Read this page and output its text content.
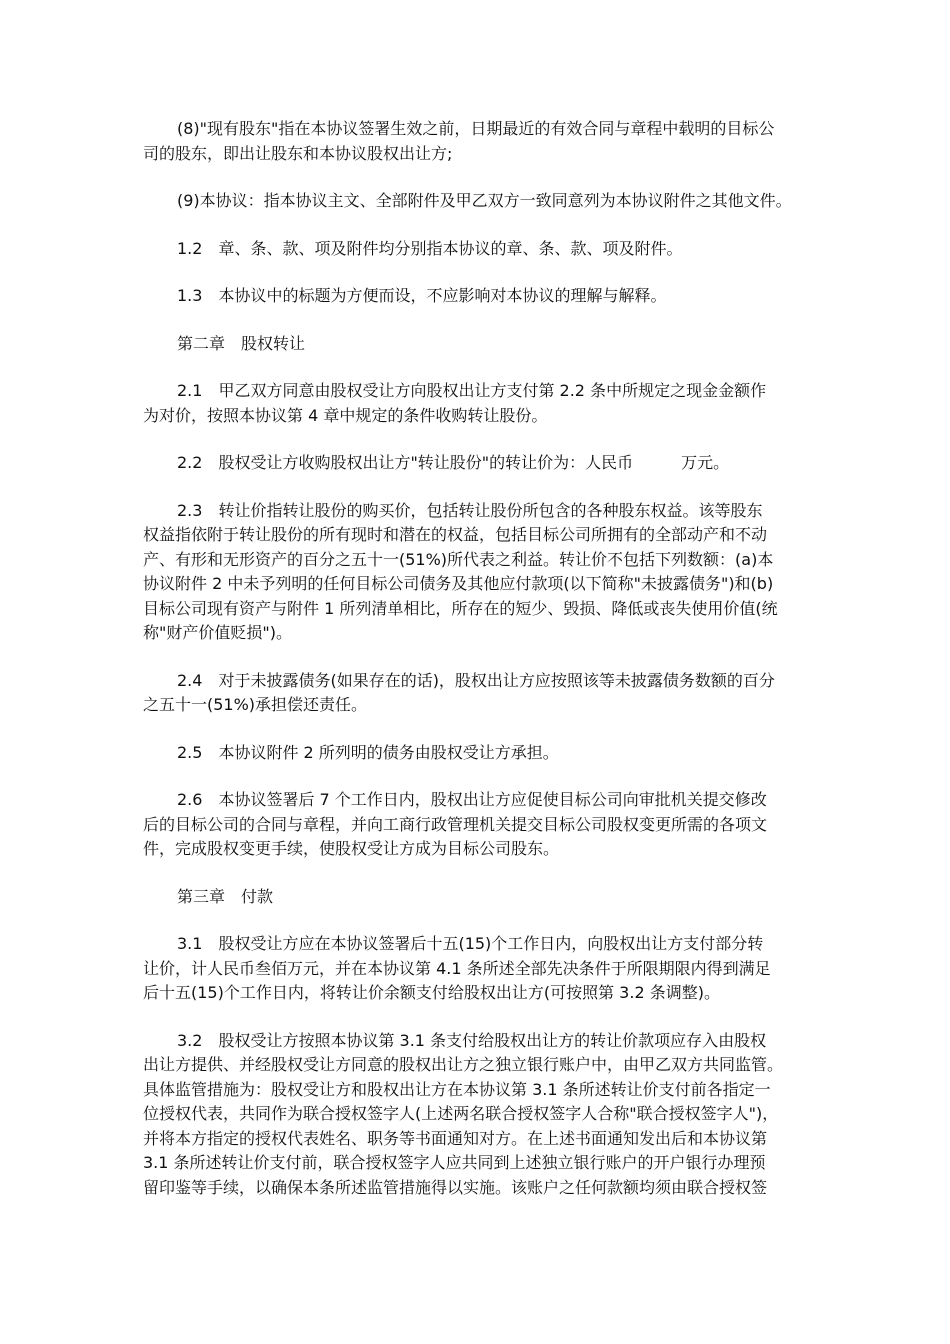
(8)"现有股东"指在本协议签署生效之前，日期最近的有效合同与章程中载明的目标公
司的股东，即出让股东和本协议股权出让方;

(9)本协议：指本协议主文、全部附件及甲乙双方一致同意列为本协议附件之其他文件。

1.2　章、条、款、项及附件均分别指本协议的章、条、款、项及附件。

1.3　本协议中的标题为方便而设，不应影响对本协议的理解与解释。

第二章　股权转让

2.1　甲乙双方同意由股权受让方向股权出让方支付第 2.2 条中所规定之现金金额作
为对价，按照本协议第 4 章中规定的条件收购转让股份。

2.2　股权受让方收购股权出让方"转让股份"的转让价为：人民币　　　万元。

2.3　转让价指转让股份的购买价，包括转让股份所包含的各种股东权益。该等股东
权益指依附于转让股份的所有现时和潜在的权益，包括目标公司所拥有的全部动产和不动
产、有形和无形资产的百分之五十一(51%)所代表之利益。转让价不包括下列数额：(a)本
协议附件 2 中未予列明的任何目标公司债务及其他应付款项(以下简称"未披露债务")和(b)
目标公司现有资产与附件 1 所列清单相比，所存在的短少、毁损、降低或丧失使用价值(统
称"财产价值贬损")。

2.4　对于未披露债务(如果存在的话)，股权出让方应按照该等未披露债务数额的百分
之五十一(51%)承担偿还责任。

2.5　本协议附件 2 所列明的债务由股权受让方承担。

2.6　本协议签署后 7 个工作日内，股权出让方应促使目标公司向审批机关提交修改
后的目标公司的合同与章程，并向工商行政管理机关提交目标公司股权变更所需的各项文
件，完成股权变更手续，使股权受让方成为目标公司股东。

第三章　付款

3.1　股权受让方应在本协议签署后十五(15)个工作日内，向股权出让方支付部分转
让价，计人民币叁佰万元，并在本协议第 4.1 条所述全部先决条件于所限期限内得到满足
后十五(15)个工作日内，将转让价余额支付给股权出让方(可按照第 3.2 条调整)。

3.2　股权受让方按照本协议第 3.1 条支付给股权出让方的转让价款项应存入由股权
出让方提供、并经股权受让方同意的股权出让方之独立银行账户中，由甲乙双方共同监管。
具体监管措施为：股权受让方和股权出让方在本协议第 3.1 条所述转让价支付前各指定一
位授权代表，共同作为联合授权签字人(上述两名联合授权签字人合称"联合授权签字人")，
并将本方指定的授权代表姓名、职务等书面通知对方。在上述书面通知发出后和本协议第
3.1 条所述转让价支付前，联合授权签字人应共同到上述独立银行账户的开户银行办理预
留印鉴等手续，以确保本条所述监管措施得以实施。该账户之任何款额均须由联合授权签
